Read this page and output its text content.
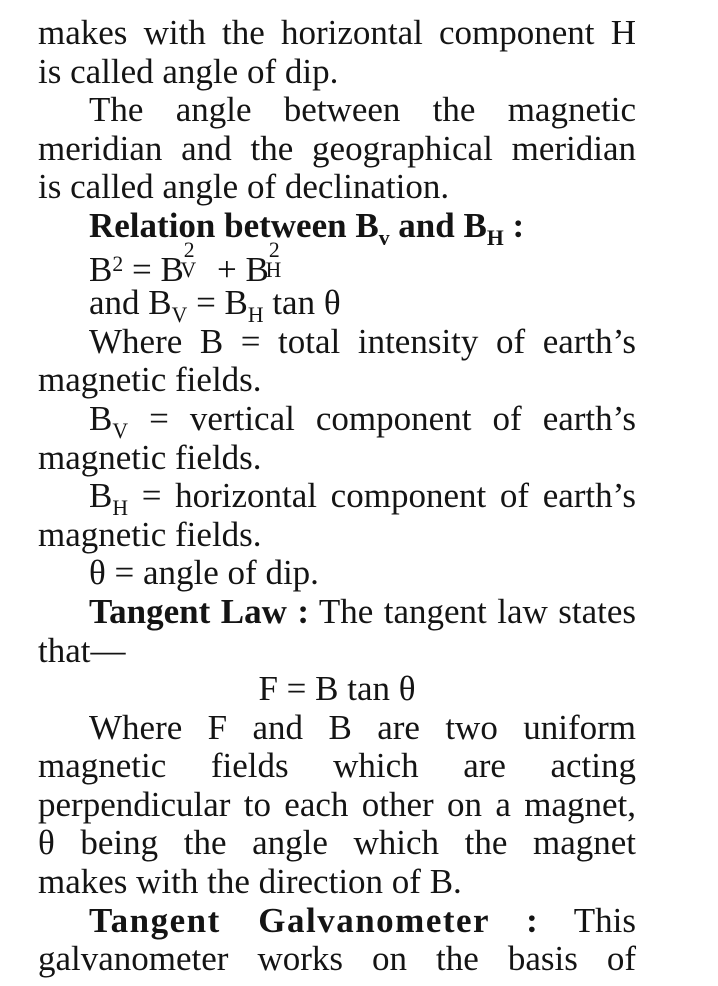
makes with the horizontal component H
is called angle of dip.
The angle between the magnetic
meridian and the geographical meridian
is called angle of declination.
Relation between $B_v$ and $B_H$ :
$B^2 = B$ 2
V + B 2
H
and $B_V = B_H$ tan θ
Where B = total intensity of earth’s
magnetic fields.
$B_V$ = vertical component of earth’s
magnetic fields.
$B_H$ = horizontal component of earth’s
magnetic fields.
θ = angle of dip.
Tangent Law : The tangent law states
that—
F = B tan θ
Where F and B are two uniform
magnetic fields which are acting
perpendicular to each other on a magnet,
θ being the angle which the magnet
makes with the direction of B.
Tangent Galvanometer : This
galvanometer works on the basis of
